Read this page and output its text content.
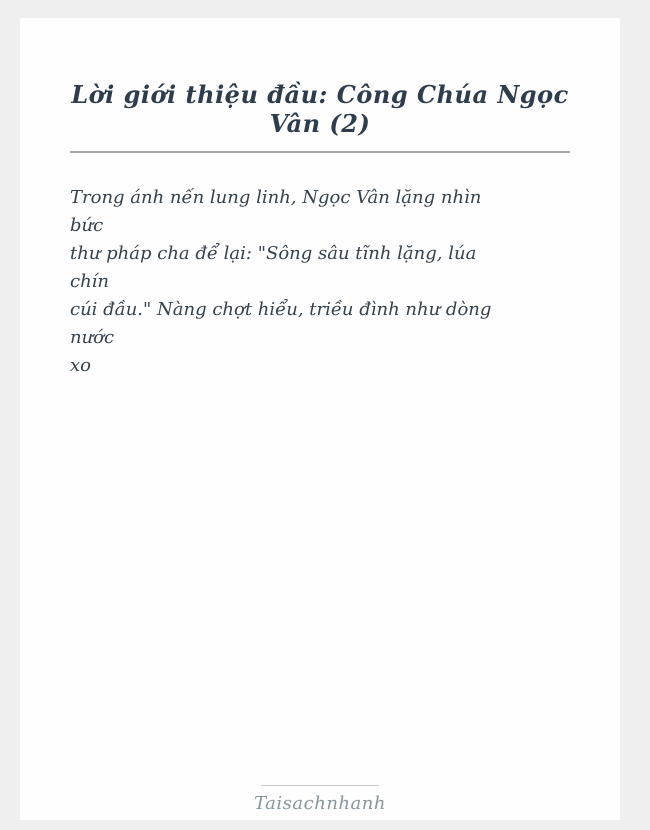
Lời giới thiệu đầu: Công Chúa Ngọc Vân (2)

Trong ánh nến lung linh, Ngọc Vân lặng nhìn

bức

thư pháp cha để lại: "Sông sâu tĩnh lặng, lúa

chín

cúi đầu." Nàng chợt hiểu, triều đình như dòng

nước

xo

Taisachnhanh
